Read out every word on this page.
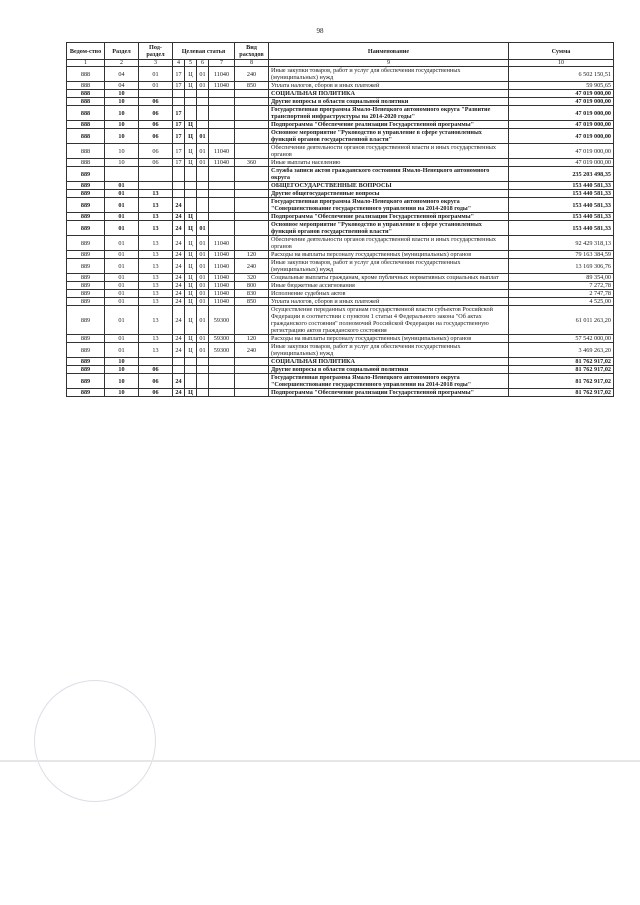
98
Ведом-ство	Раздел	Под-раздел	Целевая статья				Вид расходов	Наименование	Сумма
1	2	3	4	5	6	7	8	9	10
888	04	01	17	Ц	01	11040	240	Иные закупки товаров, работ и услуг для обеспечения государственных (муниципальных) нужд	6 502 150,51
888	04	01	17	Ц	01	11040	850	Уплата налогов, сборов и иных платежей	59 905,65
888	10							СОЦИАЛЬНАЯ ПОЛИТИКА	47 019 000,00
888	10	06						Другие вопросы в области социальной политики	47 019 000,00
888	10	06	17					Государственная программа Ямало-Ненецкого автономного округа "Развитие транспортной инфраструктуры на 2014-2020 годы"	47 019 000,00
888	10	06	17	Ц				Подпрограмма "Обеспечение реализации Государственной программы"	47 019 000,00
888	10	06	17	Ц	01			Основное мероприятие "Руководство и управление в сфере установленных функций органов государственной власти"	47 019 000,00
888	10	06	17	Ц	01	11040		Обеспечение деятельности органов государственной власти и иных государственных органов	47 019 000,00
888	10	06	17	Ц	01	11040	360	Иные выплаты населению	47 019 000,00
889								Служба записи актов гражданского состояния Ямало-Ненецкого автономного округа	235 203 498,35
889	01							ОБЩЕГОСУДАРСТВЕННЫЕ ВОПРОСЫ	153 440 581,33
889	01	13						Другие общегосударственные вопросы	153 440 581,33
889	01	13	24					Государственная программа Ямало-Ненецкого автономного округа "Совершенствование государственного управления на 2014-2018 годы"	153 440 581,33
889	01	13	24	Ц				Подпрограмма "Обеспечение реализации Государственной программы"	153 440 581,33
889	01	13	24	Ц	01			Основное мероприятие "Руководство и управление в сфере установленных функций органов государственной власти"	153 440 581,33
889	01	13	24	Ц	01	11040		Обеспечение деятельности органов государственной власти и иных государственных органов	92 429 318,13
889	01	13	24	Ц	01	11040	120	Расходы на выплаты персоналу государственных (муниципальных) органов	79 163 384,59
889	01	13	24	Ц	01	11040	240	Иные закупки товаров, работ и услуг для обеспечения государственных (муниципальных) нужд	13 169 306,76
889	01	13	24	Ц	01	11040	320	Социальные выплаты гражданам, кроме публичных нормативных социальных выплат	89 354,00
889	01	13	24	Ц	01	11040	800	Иные бюджетные ассигнования	7 272,78
889	01	13	24	Ц	01	11040	830	Исполнение судебных актов	2 747,78
889	01	13	24	Ц	01	11040	850	Уплата налогов, сборов и иных платежей	4 525,00
889	01	13	24	Ц	01	59300		Осуществление переданных органам государственной власти субъектов Российской Федерации в соответствии с пунктом 1 статьи 4 Федерального закона "Об актах гражданского состояния" полномочий Российской Федерации на государственную регистрацию актов гражданского состояния	61 011 263,20
889	01	13	24	Ц	01	59300	120	Расходы на выплаты персоналу государственных (муниципальных) органов	57 542 000,00
889	01	13	24	Ц	01	59300	240	Иные закупки товаров, работ и услуг для обеспечения государственных (муниципальных) нужд	3 469 263,20
889	10							СОЦИАЛЬНАЯ ПОЛИТИКА	81 762 917,02
889	10	06						Другие вопросы в области социальной политики	81 762 917,02
889	10	06	24					Государственная программа Ямало-Ненецкого автономного округа "Совершенствование государственного управления на 2014-2018 годы"	81 762 917,02
889	10	06	24	Ц				Подпрограмма "Обеспечение реализации Государственной программы"	81 762 917,02
